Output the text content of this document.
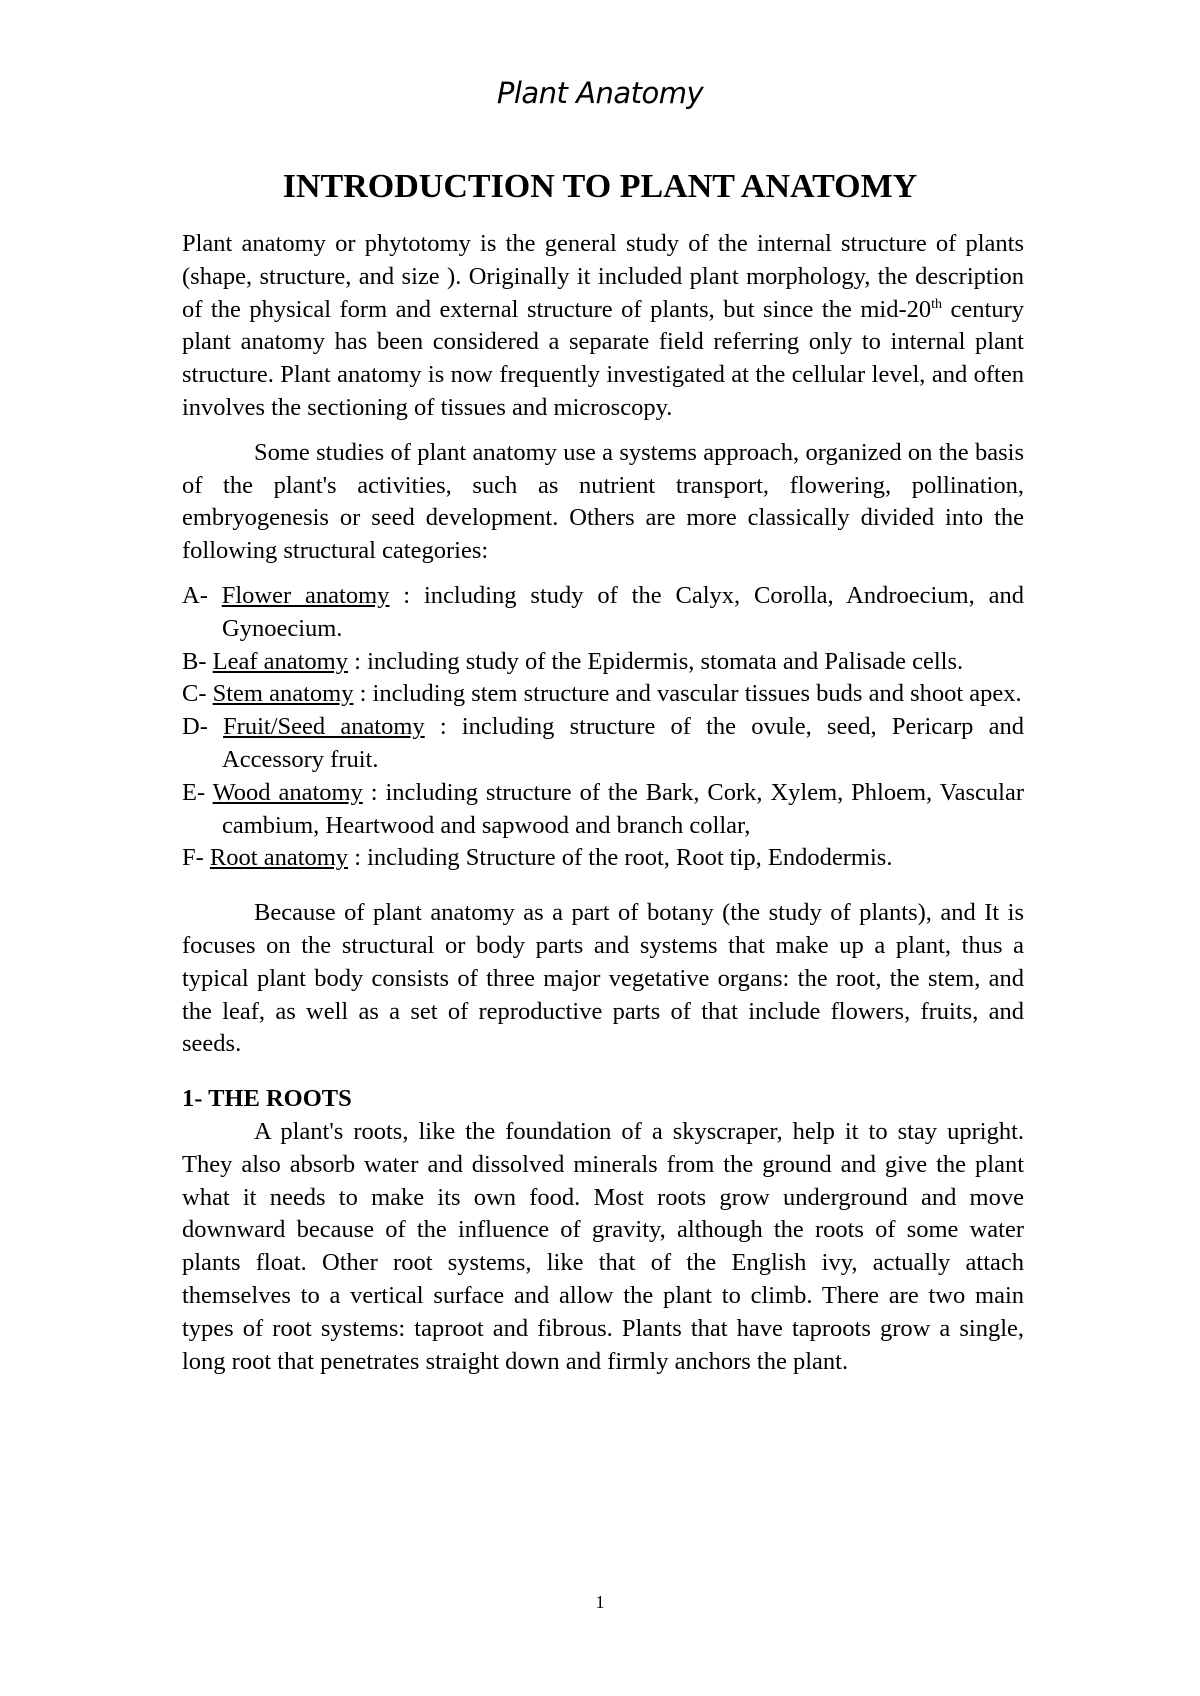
Plant Anatomy
INTRODUCTION TO PLANT ANATOMY

Plant anatomy or phytotomy is the general study of the internal structure of plants (shape, structure, and size ). Originally it included plant morphology, the description of the physical form and external structure of plants, but since the mid-20th century plant anatomy has been considered a separate field referring only to internal plant structure. Plant anatomy is now frequently investigated at the cellular level, and often involves the sectioning of tissues and microscopy.

Some studies of plant anatomy use a systems approach, organized on the basis of the plant's activities, such as nutrient transport, flowering, pollination, embryogenesis or seed development. Others are more classically divided into the following structural categories:

A- Flower anatomy : including study of the Calyx, Corolla, Androecium, and Gynoecium.

B- Leaf anatomy : including study of the Epidermis, stomata and Palisade cells.

C- Stem anatomy : including stem structure and vascular tissues buds and shoot apex.

D- Fruit/Seed anatomy : including structure of the ovule, seed, Pericarp and Accessory fruit.

E- Wood anatomy : including structure of the Bark, Cork, Xylem, Phloem, Vascular cambium, Heartwood and sapwood and branch collar,

F- Root anatomy : including Structure of the root, Root tip, Endodermis.

Because of plant anatomy as a part of botany (the study of plants), and It is focuses on the structural or body parts and systems that make up a plant, thus a typical plant body consists of three major vegetative organs: the root, the stem, and the leaf, as well as a set of reproductive parts of that include flowers, fruits, and seeds.

1- THE ROOTS

A plant's roots, like the foundation of a skyscraper, help it to stay upright. They also absorb water and dissolved minerals from the ground and give the plant what it needs to make its own food. Most roots grow underground and move downward because of the influence of gravity, although the roots of some water plants float. Other root systems, like that of the English ivy, actually attach themselves to a vertical surface and allow the plant to climb. There are two main types of root systems: taproot and fibrous. Plants that have taproots grow a single, long root that penetrates straight down and firmly anchors the plant.

1
